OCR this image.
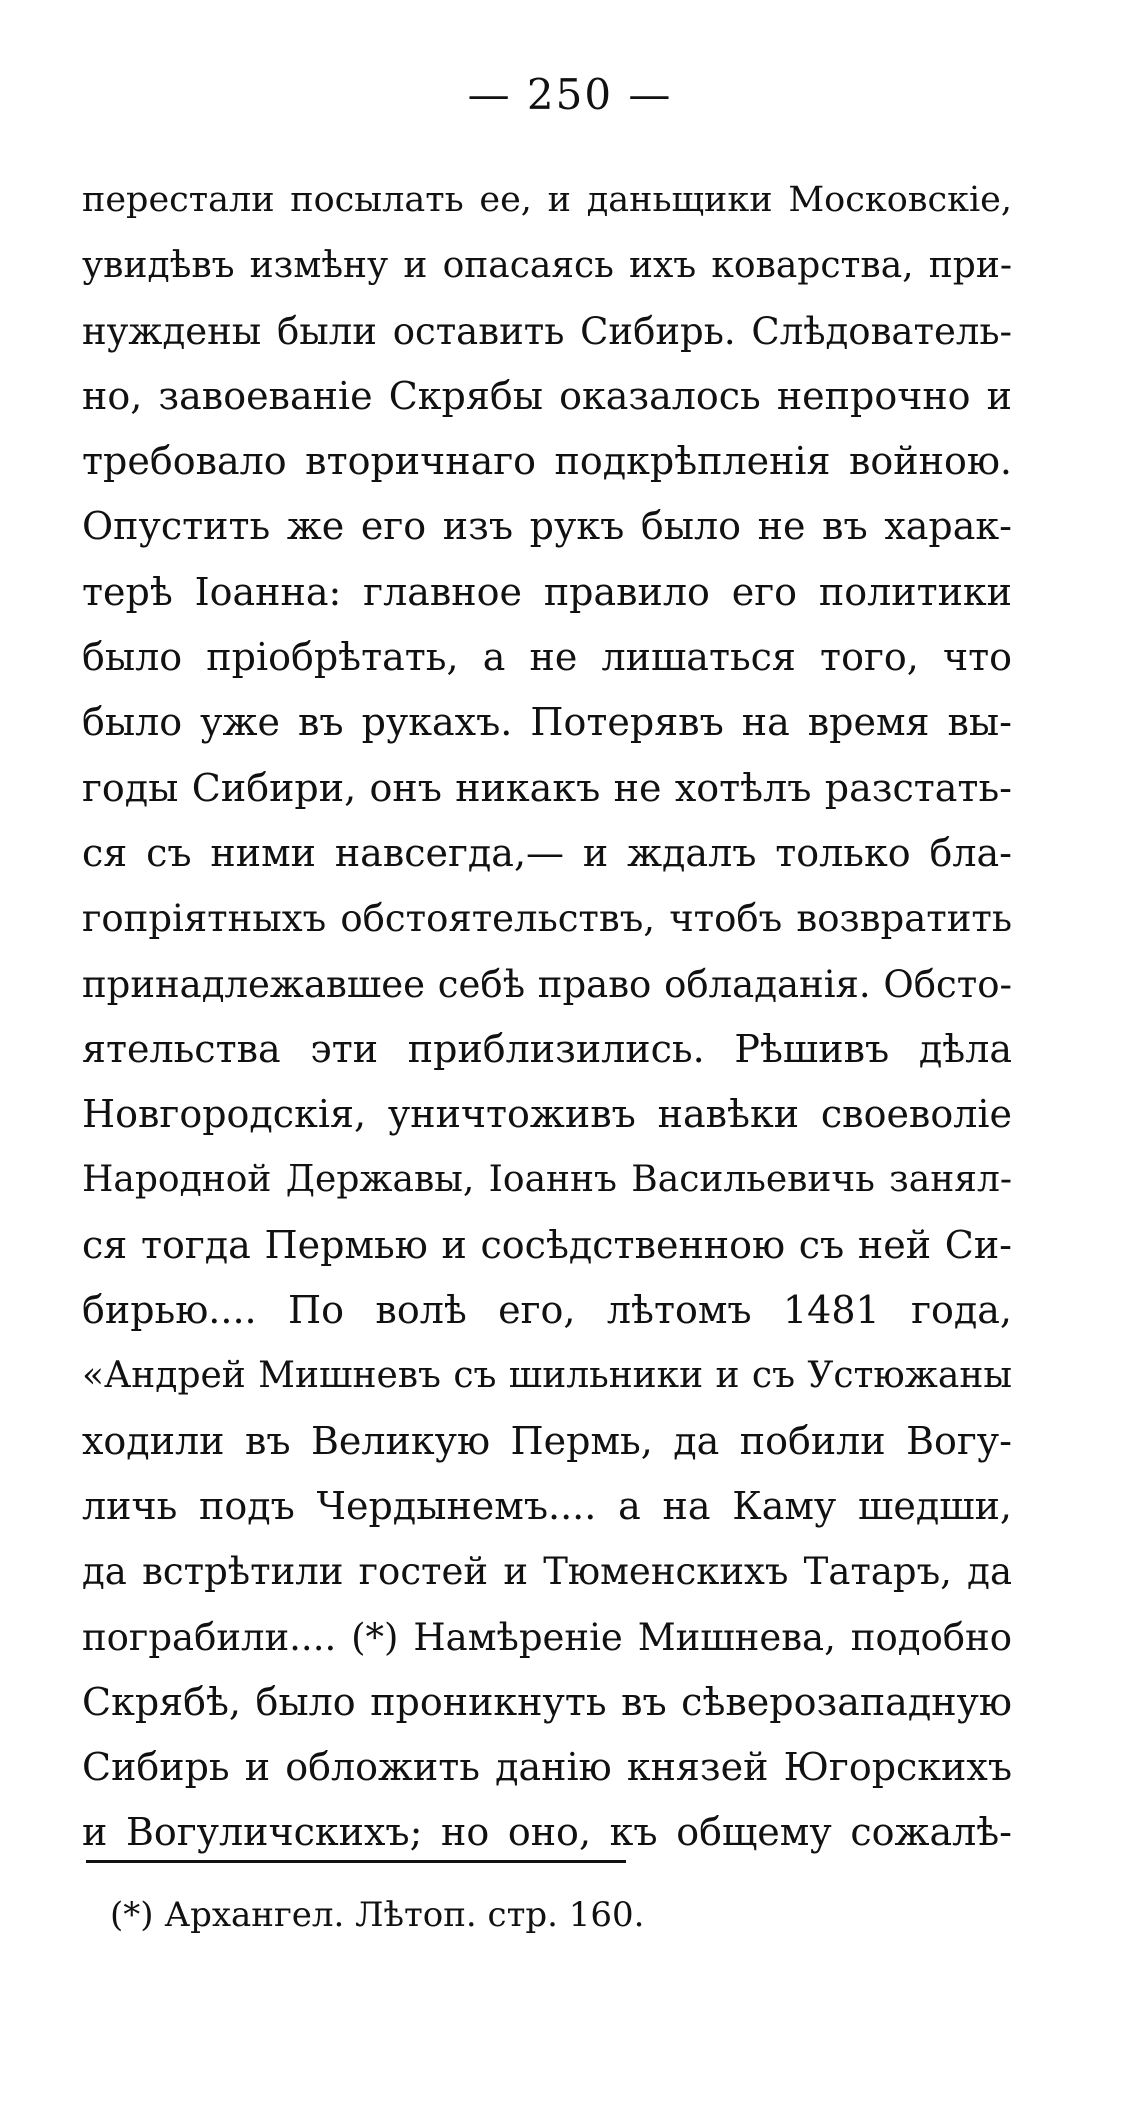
— 250 —
перестали посылать ее, и даньщики Московскіе,
увидѣвъ измѣну и опасаясь ихъ коварства, при-
нуждены были оставить Сибирь. Слѣдователь-
но, завоеваніе Скрябы оказалось непрочно и
требовало вторичнаго подкрѣпленія войною.
Опустить же его изъ рукъ было не въ харак-
терѣ Іоанна: главное правило его политики
было пріобрѣтать, а не лишаться того, что
было уже въ рукахъ. Потерявъ на время вы-
годы Сибири, онъ никакъ не хотѣлъ разстать-
ся съ ними навсегда,— и ждалъ только бла-
гопріятныхъ обстоятельствъ, чтобъ возвратить
принадлежавшее себѣ право обладанія. Обсто-
ятельства эти приблизились. Рѣшивъ дѣла
Новгородскія, уничтоживъ навѣки своеволіе
Народной Державы, Іоаннъ Васильевичь занял-
ся тогда Пермью и сосѣдственною съ ней Си-
бирью.... По волѣ его, лѣтомъ 1481 года,
«Андрей Мишневъ съ шильники и съ Устюжаны
ходили въ Великую Пермь, да побили Вогу-
личь подъ Чердынемъ.... а на Каму шедши,
да встрѣтили гостей и Тюменскихъ Татаръ, да
пограбили.... (*) Намѣреніе Мишнева, подобно
Скрябѣ, было проникнуть въ сѣверозападную
Сибирь и обложить данію князей Югорскихъ
и Вогуличскихъ; но оно, къ общему сожалѣ-
(*) Архангел. Лѣтоп. стр. 160.
